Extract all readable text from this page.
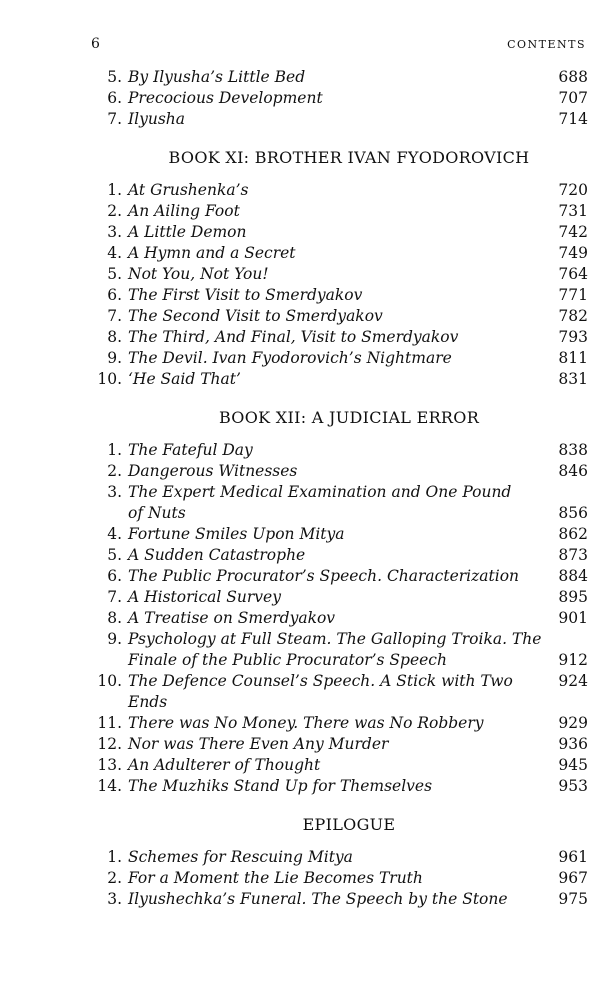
6	CONTENTS
5. By Ilyusha’s Little Bed	688
6. Precocious Development	707
7. Ilyusha	714
BOOK XI: BROTHER IVAN FYODOROVICH
1. At Grushenka’s	720
2. An Ailing Foot	731
3. A Little Demon	742
4. A Hymn and a Secret	749
5. Not You, Not You!	764
6. The First Visit to Smerdyakov	771
7. The Second Visit to Smerdyakov	782
8. The Third, And Final, Visit to Smerdyakov	793
9. The Devil. Ivan Fyodorovich’s Nightmare	811
10. ‘He Said That’	831
BOOK XII: A JUDICIAL ERROR
1. The Fateful Day	838
2. Dangerous Witnesses	846
3. The Expert Medical Examination and One Pound
of Nuts	856
4. Fortune Smiles Upon Mitya	862
5. A Sudden Catastrophe	873
6. The Public Procurator’s Speech. Characterization	884
7. A Historical Survey	895
8. A Treatise on Smerdyakov	901
9. Psychology at Full Steam. The Galloping Troika. The
Finale of the Public Procurator’s Speech	912
10. The Defence Counsel’s Speech. A Stick with Two Ends
924
11. There was No Money. There was No Robbery	929
12. Nor was There Even Any Murder	936
13. An Adulterer of Thought	945
14. The Muzhiks Stand Up for Themselves	953
EPILOGUE
1. Schemes for Rescuing Mitya	961
2. For a Moment the Lie Becomes Truth	967
3. Ilyushechka’s Funeral. The Speech by the Stone	975
